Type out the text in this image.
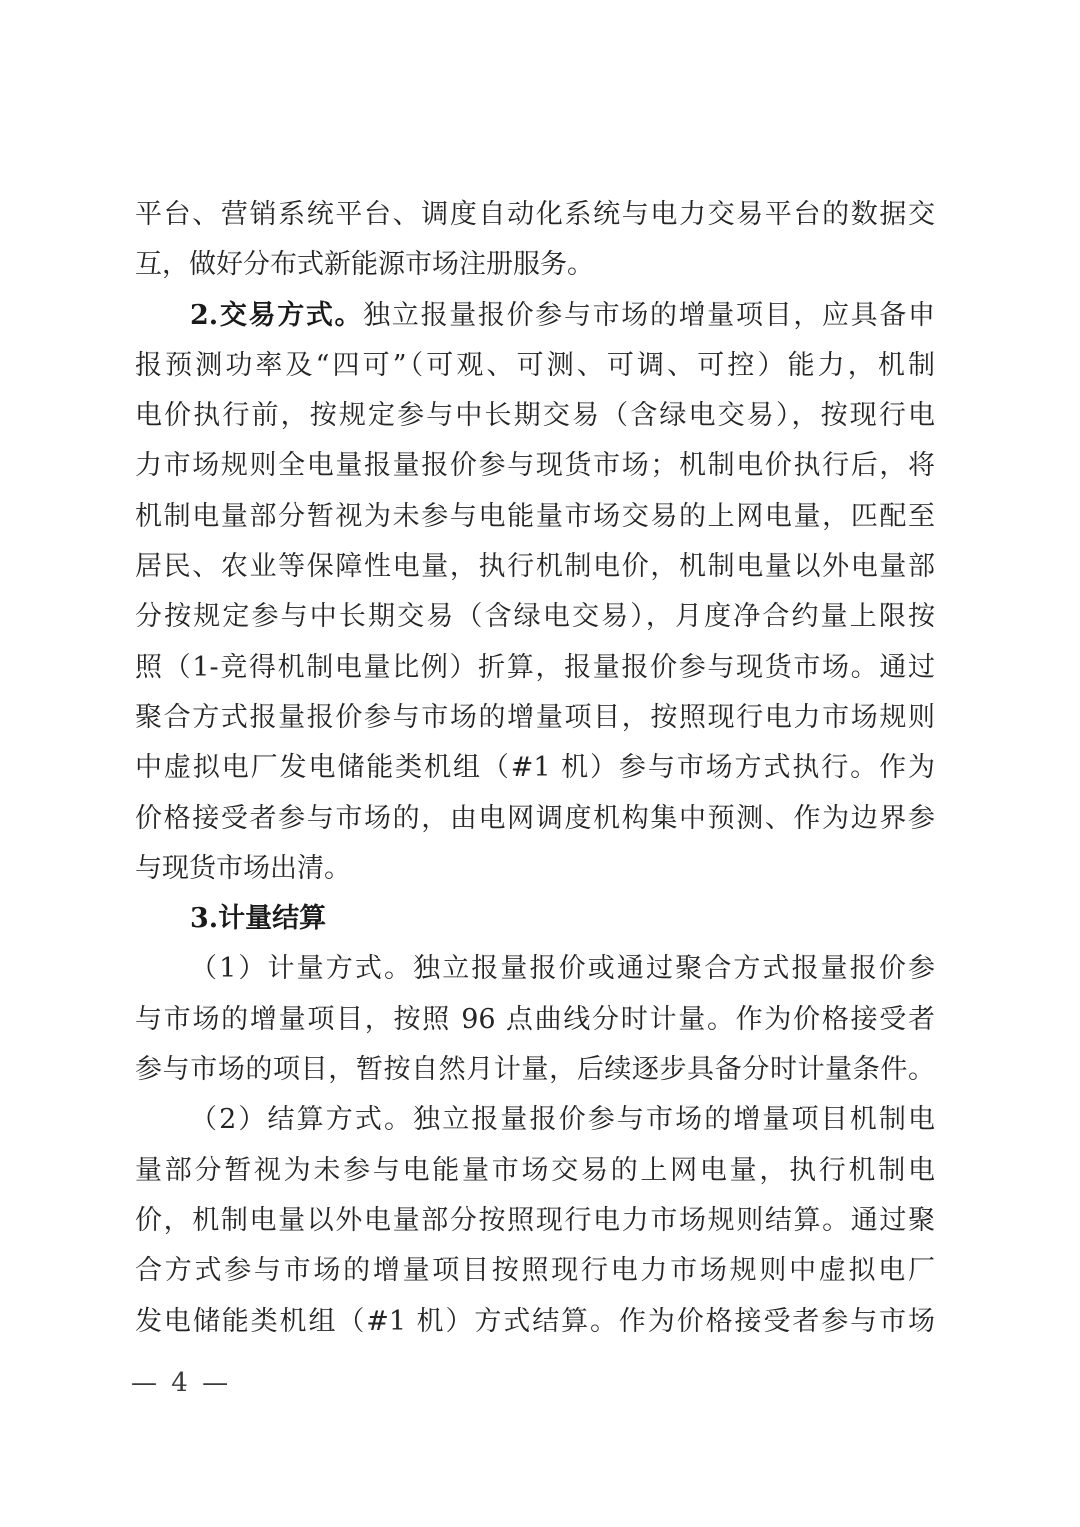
平台、营销系统平台、调度自动化系统与电力交易平台的数据交
互，做好分布式新能源市场注册服务。
2.交易方式。独立报量报价参与市场的增量项目，应具备申
报预测功率及“四可”（可观、可测、可调、可控）能力，机制
电价执行前，按规定参与中长期交易（含绿电交易），按现行电
力市场规则全电量报量报价参与现货市场；机制电价执行后，将
机制电量部分暂视为未参与电能量市场交易的上网电量，匹配至
居民、农业等保障性电量，执行机制电价，机制电量以外电量部
分按规定参与中长期交易（含绿电交易），月度净合约量上限按
照（1-竞得机制电量比例）折算，报量报价参与现货市场。通过
聚合方式报量报价参与市场的增量项目，按照现行电力市场规则
中虚拟电厂发电储能类机组（#1 机）参与市场方式执行。作为
价格接受者参与市场的，由电网调度机构集中预测、作为边界参
与现货市场出清。
3.计量结算
（1）计量方式。独立报量报价或通过聚合方式报量报价参
与市场的增量项目，按照 96 点曲线分时计量。作为价格接受者
参与市场的项目，暂按自然月计量，后续逐步具备分时计量条件。
（2）结算方式。独立报量报价参与市场的增量项目机制电
量部分暂视为未参与电能量市场交易的上网电量，执行机制电
价，机制电量以外电量部分按照现行电力市场规则结算。通过聚
合方式参与市场的增量项目按照现行电力市场规则中虚拟电厂
发电储能类机组（#1 机）方式结算。作为价格接受者参与市场
— 4 —
